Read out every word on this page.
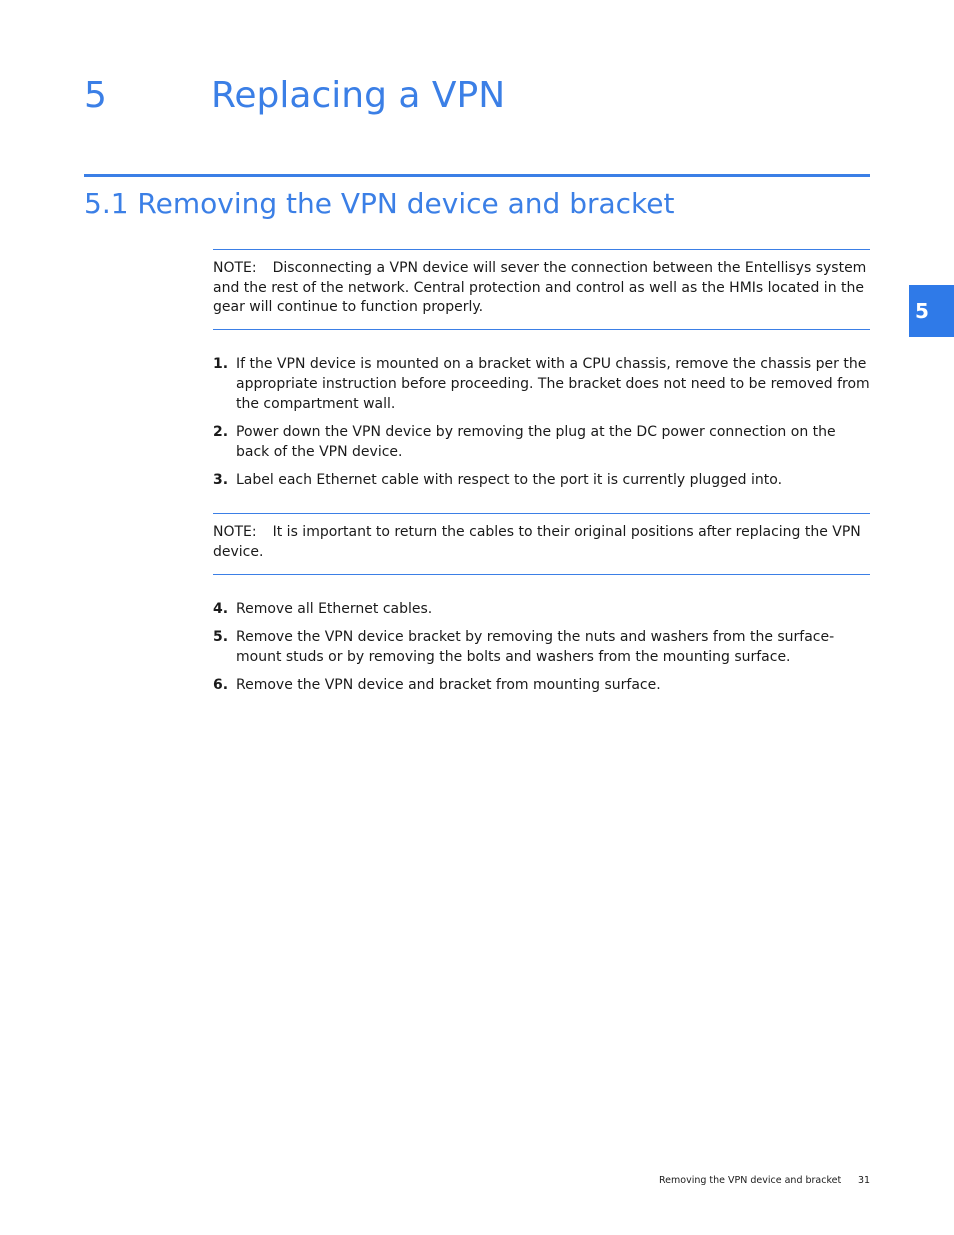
5	Replacing a VPN
5.1 Removing the VPN device and bracket
5

NOTE: Disconnecting a VPN device will sever the connection between the Entellisys system and the rest of the network. Central protection and control as well as the HMIs located in the gear will continue to function properly.

1. If the VPN device is mounted on a bracket with a CPU chassis, remove the chassis per the appropriate instruction before proceeding. The bracket does not need to be removed from the compartment wall.
2. Power down the VPN device by removing the plug at the DC power connection on the back of the VPN device.
3. Label each Ethernet cable with respect to the port it is currently plugged into.

NOTE: It is important to return the cables to their original positions after replacing the VPN device.

4. Remove all Ethernet cables.
5. Remove the VPN device bracket by removing the nuts and washers from the surface-mount studs or by removing the bolts and washers from the mounting surface.
6. Remove the VPN device and bracket from mounting surface.
Removing the VPN device and bracket 31
